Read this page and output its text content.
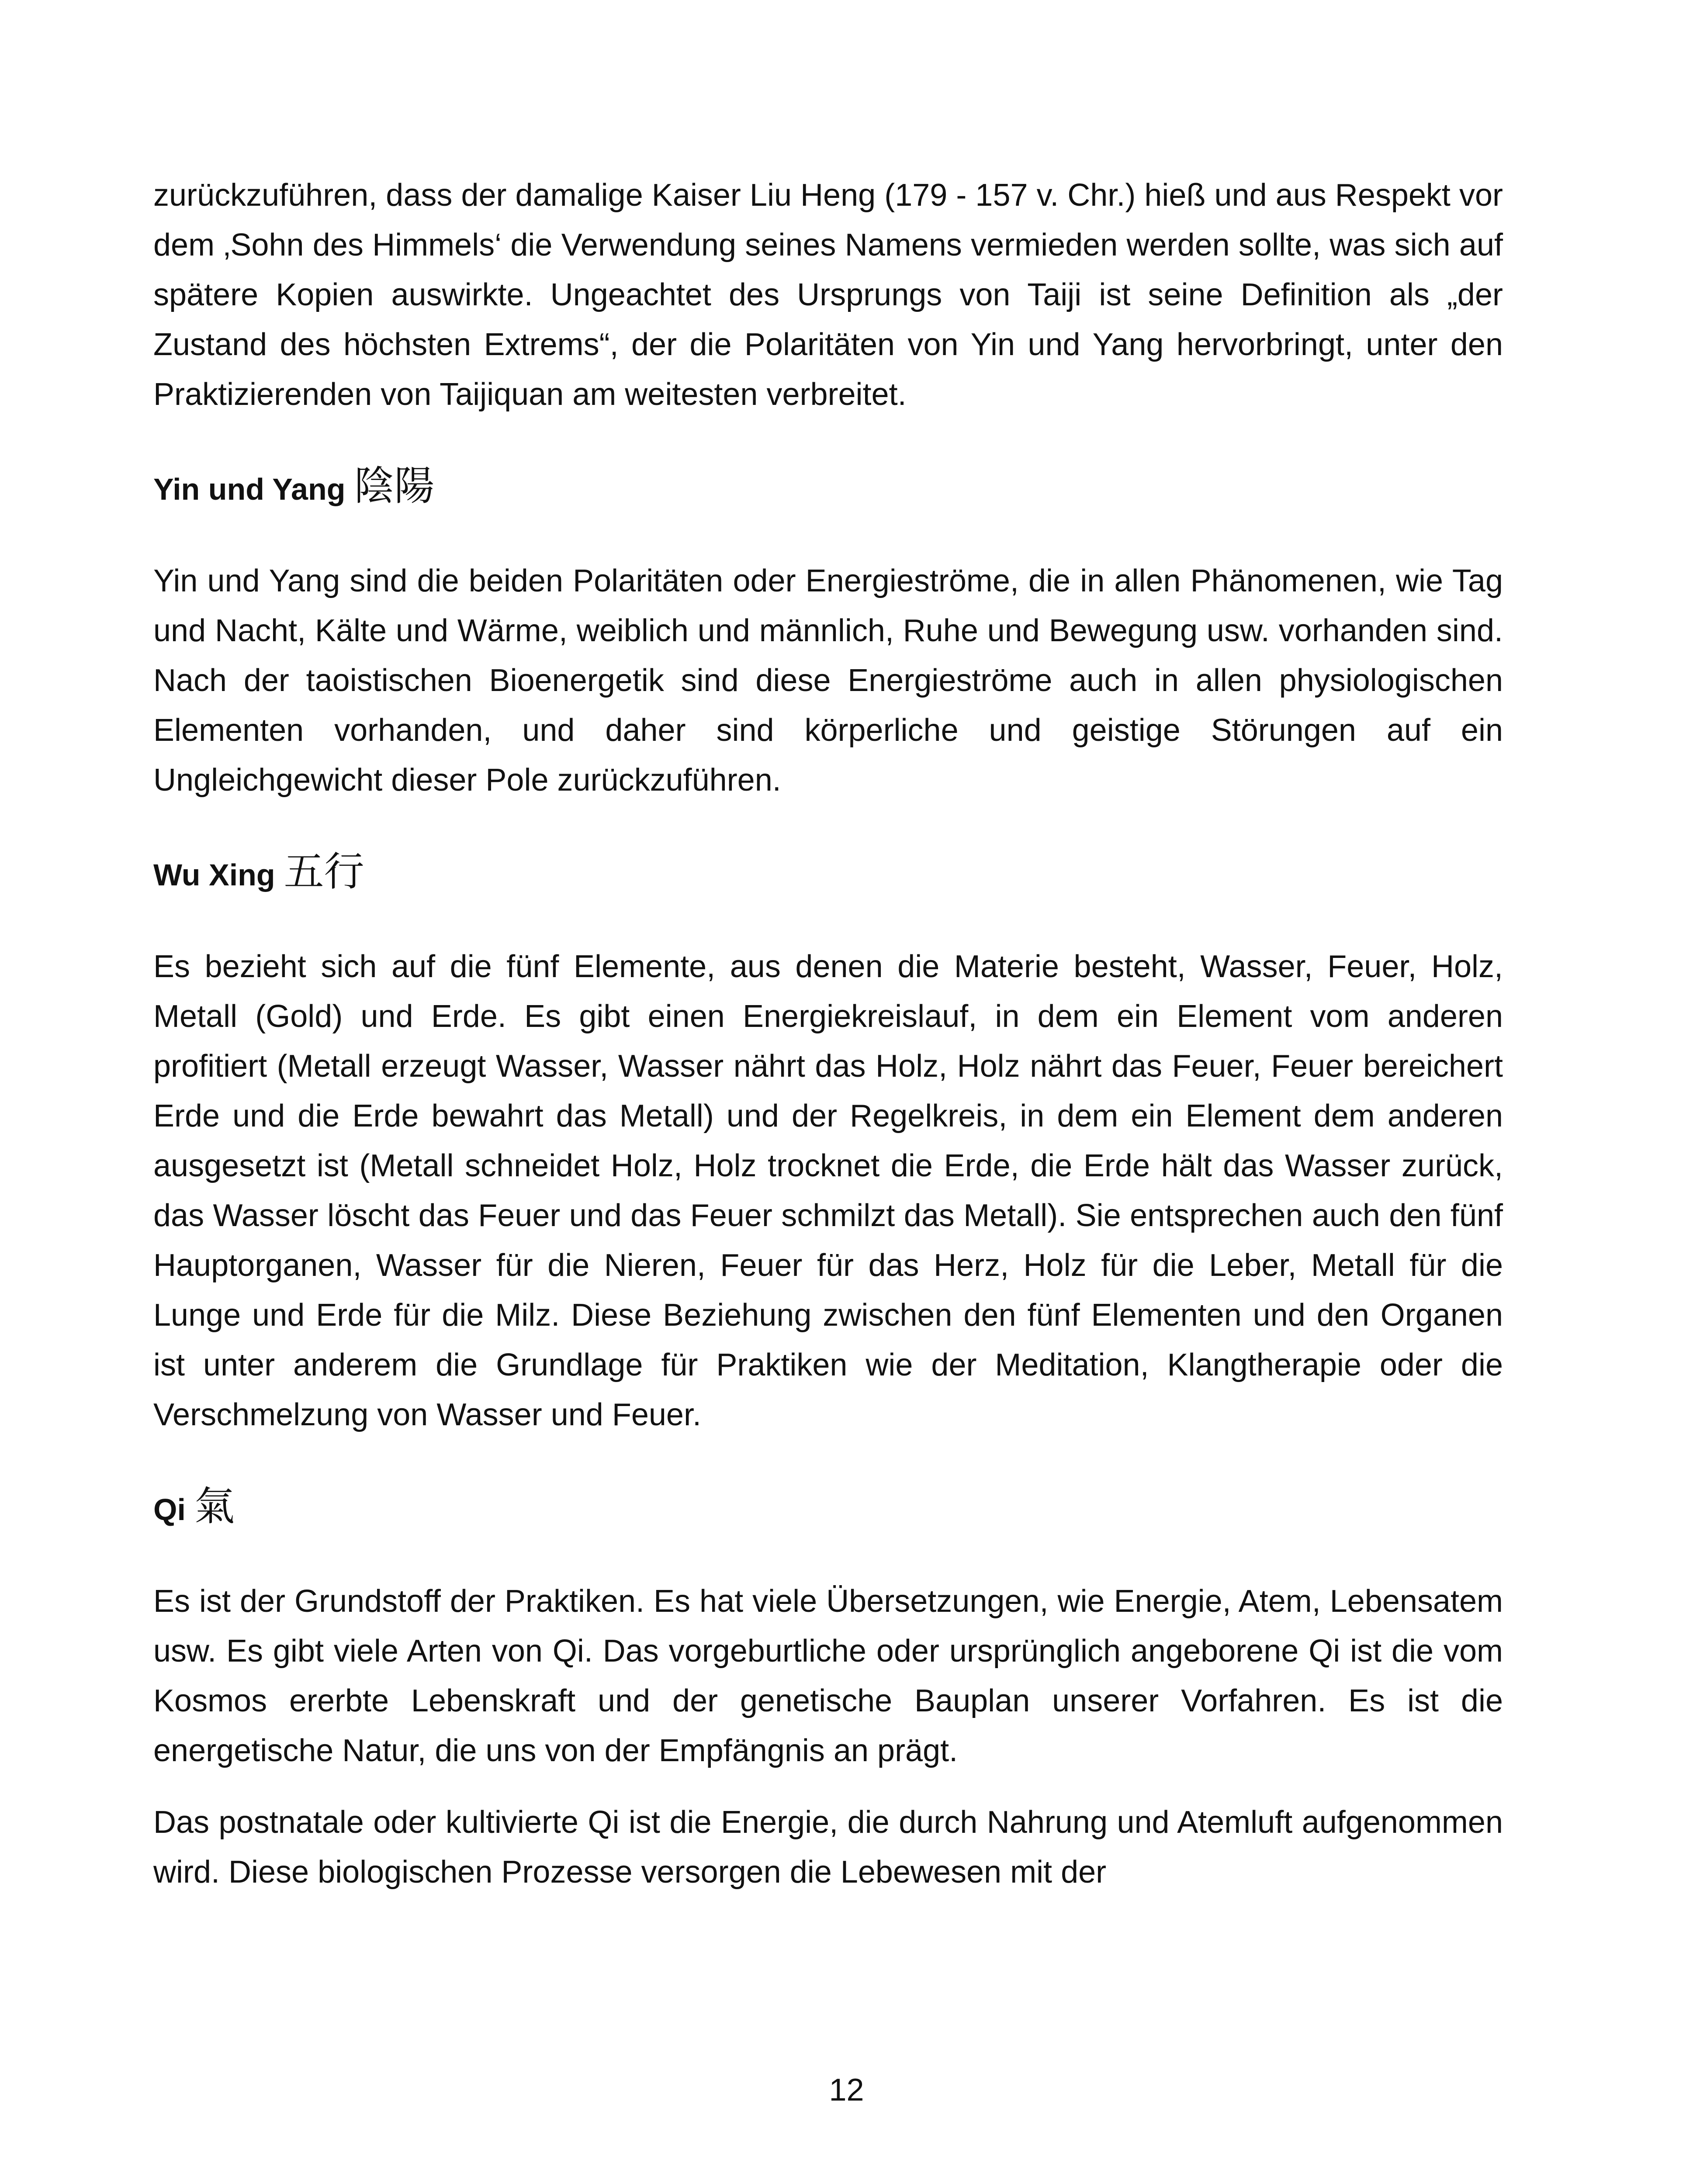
zurückzuführen, dass der damalige Kaiser Liu Heng (179 - 157 v. Chr.) hieß und aus Respekt vor dem ‚Sohn des Himmels‘ die Verwendung seines Namens vermieden werden sollte, was sich auf spätere Kopien auswirkte. Ungeachtet des Ursprungs von Taiji ist seine Definition als „der Zustand des höchsten Extrems“, der die Polaritäten von Yin und Yang hervorbringt, unter den Praktizierenden von Taijiquan am weitesten verbreitet.

Yin und Yang 陰陽

Yin und Yang sind die beiden Polaritäten oder Energieströme, die in allen Phänomenen, wie Tag und Nacht, Kälte und Wärme, weiblich und männlich, Ruhe und Bewegung usw. vorhanden sind. Nach der taoistischen Bioenergetik sind diese Energieströme auch in allen physiologischen Elementen vorhanden, und daher sind körperliche und geistige Störungen auf ein Ungleichgewicht dieser Pole zurückzuführen.

Wu Xing 五行

Es bezieht sich auf die fünf Elemente, aus denen die Materie besteht, Wasser, Feuer, Holz, Metall (Gold) und Erde. Es gibt einen Energiekreislauf, in dem ein Element vom anderen profitiert (Metall erzeugt Wasser, Wasser nährt das Holz, Holz nährt das Feuer, Feuer bereichert Erde und die Erde bewahrt das Metall) und der Regelkreis, in dem ein Element dem anderen ausgesetzt ist (Metall schneidet Holz, Holz trocknet die Erde, die Erde hält das Wasser zurück, das Wasser löscht das Feuer und das Feuer schmilzt das Metall). Sie entsprechen auch den fünf Hauptorganen, Wasser für die Nieren, Feuer für das Herz, Holz für die Leber, Metall für die Lunge und Erde für die Milz. Diese Beziehung zwischen den fünf Elementen und den Organen ist unter anderem die Grundlage für Praktiken wie der Meditation, Klangtherapie oder die Verschmelzung von Wasser und Feuer.

Qi 氣

Es ist der Grundstoff der Praktiken. Es hat viele Übersetzungen, wie Energie, Atem, Lebensatem usw. Es gibt viele Arten von Qi. Das vorgeburtliche oder ursprünglich angeborene Qi ist die vom Kosmos ererbte Lebenskraft und der genetische Bauplan unserer Vorfahren. Es ist die energetische Natur, die uns von der Empfängnis an prägt.

Das postnatale oder kultivierte Qi ist die Energie, die durch Nahrung und Atemluft aufgenommen wird. Diese biologischen Prozesse versorgen die Lebewesen mit der

12
